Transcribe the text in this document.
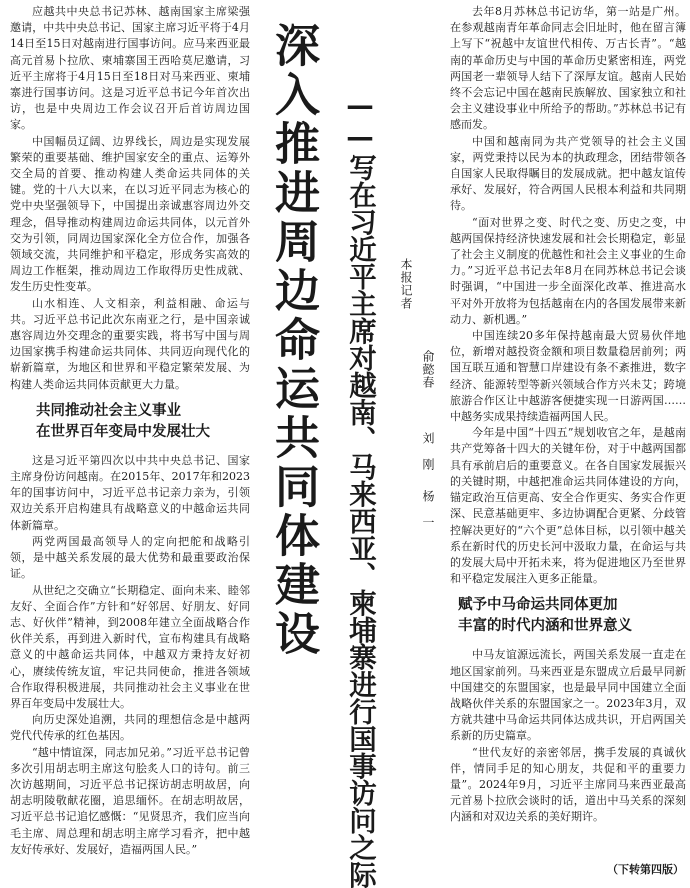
深入推进周边命运共同体建设 ——写在习近平主席对越南、马来西亚、柬埔寨进行国事访问之际	本报记者
俞懿春
刘　刚
杨　一

应越共中央总书记苏林、越南国家主席梁强邀请，中共中央总书记、国家主席习近平将于4月14日至15日对越南进行国事访问。应马来西亚最高元首易卜拉欣、柬埔寨国王西哈莫尼邀请，习近平主席将于4月15日至18日对马来西亚、柬埔寨进行国事访问。这是习近平总书记今年首次出访，也是中央周边工作会议召开后首访周边国家。

中国幅员辽阔、边界线长，周边是实现发展繁荣的重要基础、维护国家安全的重点、运筹外交全局的首要、推动构建人类命运共同体的关键。党的十八大以来，在以习近平同志为核心的党中央坚强领导下，中国提出亲诚惠容周边外交理念，倡导推动构建周边命运共同体，以元首外交为引领，同周边国家深化全方位合作，加强各领域交流，共同维护和平稳定，形成务实高效的周边工作框架，推动周边工作取得历史性成就、发生历史性变革。

山水相连、人文相亲，利益相融、命运与共。习近平总书记此次东南亚之行，是中国亲诚惠容周边外交理念的重要实践，将书写中国与周边国家携手构建命运共同体、共同迈向现代化的崭新篇章，为地区和世界和平稳定繁荣发展、为构建人类命运共同体贡献更大力量。

共同推动社会主义事业
在世界百年变局中发展壮大

这是习近平第四次以中共中央总书记、国家主席身份访问越南。在2015年、2017年和2023年的国事访问中，习近平总书记亲力亲为，引领双边关系开启构建具有战略意义的中越命运共同体新篇章。

两党两国最高领导人的定向把舵和战略引领，是中越关系发展的最大优势和最重要政治保证。

从世纪之交确立“长期稳定、面向未来、睦邻友好、全面合作”方针和“好邻居、好朋友、好同志、好伙伴”精神，到2008年建立全面战略合作伙伴关系，再到进入新时代，宣布构建具有战略意义的中越命运共同体，中越双方秉持友好初心，赓续传统友谊，牢记共同使命，推进各领域合作取得积极进展，共同推动社会主义事业在世界百年变局中发展壮大。

向历史深处追溯，共同的理想信念是中越两党代代传承的红色基因。

“越中情谊深，同志加兄弟。”习近平总书记曾多次引用胡志明主席这句脍炙人口的诗句。前三次访越期间，习近平总书记探访胡志明故居，向胡志明陵敬献花圈，追思缅怀。在胡志明故居，习近平总书记追忆感慨：“见贤思齐，我们应当向毛主席、周总理和胡志明主席学习看齐，把中越友好传承好、发展好，造福两国人民。”

去年8月苏林总书记访华，第一站是广州。在参观越南青年革命同志会旧址时，他在留言簿上写下“祝越中友谊世代相传、万古长青”。“越南的革命历史与中国的革命历史紧密相连，两党两国老一辈领导人结下了深厚友谊。越南人民始终不会忘记中国在越南民族解放、国家独立和社会主义建设事业中所给予的帮助。”苏林总书记有感而发。

中国和越南同为共产党领导的社会主义国家，两党秉持以民为本的执政理念，团结带领各自国家人民取得瞩目的发展成就。把中越友谊传承好、发展好，符合两国人民根本利益和共同期待。

“面对世界之变、时代之变、历史之变，中越两国保持经济快速发展和社会长期稳定，彰显了社会主义制度的优越性和社会主义事业的生命力。”习近平总书记去年8月在同苏林总书记会谈时强调，“中国进一步全面深化改革、推进高水平对外开放将为包括越南在内的各国发展带来新动力、新机遇。”

中国连续20多年保持越南最大贸易伙伴地位，新增对越投资金额和项目数量稳居前列；两国互联互通和智慧口岸建设有条不紊推进，数字经济、能源转型等新兴领域合作方兴未艾；跨境旅游合作区让中越游客便捷实现一日游两国……中越务实成果持续造福两国人民。

今年是中国“十四五”规划收官之年，是越南共产党筹备十四大的关键年份，对于中越两国都具有承前启后的重要意义。在各自国家发展振兴的关键时期，中越把准命运共同体建设的方向，锚定政治互信更高、安全合作更实、务实合作更深、民意基础更牢、多边协调配合更紧、分歧管控解决更好的“六个更”总体目标，以引领中越关系在新时代的历史长河中汲取力量，在命运与共的发展大局中开拓未来，将为促进地区乃至世界和平稳定发展注入更多正能量。

赋予中马命运共同体更加
丰富的时代内涵和世界意义

中马友谊源远流长，两国关系发展一直走在地区国家前列。马来西亚是东盟成立后最早同新中国建交的东盟国家，也是最早同中国建立全面战略伙伴关系的东盟国家之一。2023年3月，双方就共建中马命运共同体达成共识，开启两国关系新的历史篇章。

“世代友好的亲密邻居，携手发展的真诚伙伴，情同手足的知心朋友，共促和平的重要力量”。2024年9月，习近平主席同马来西亚最高元首易卜拉欣会谈时的话，道出中马关系的深刻内涵和对双边关系的美好期许。

（下转第四版）
